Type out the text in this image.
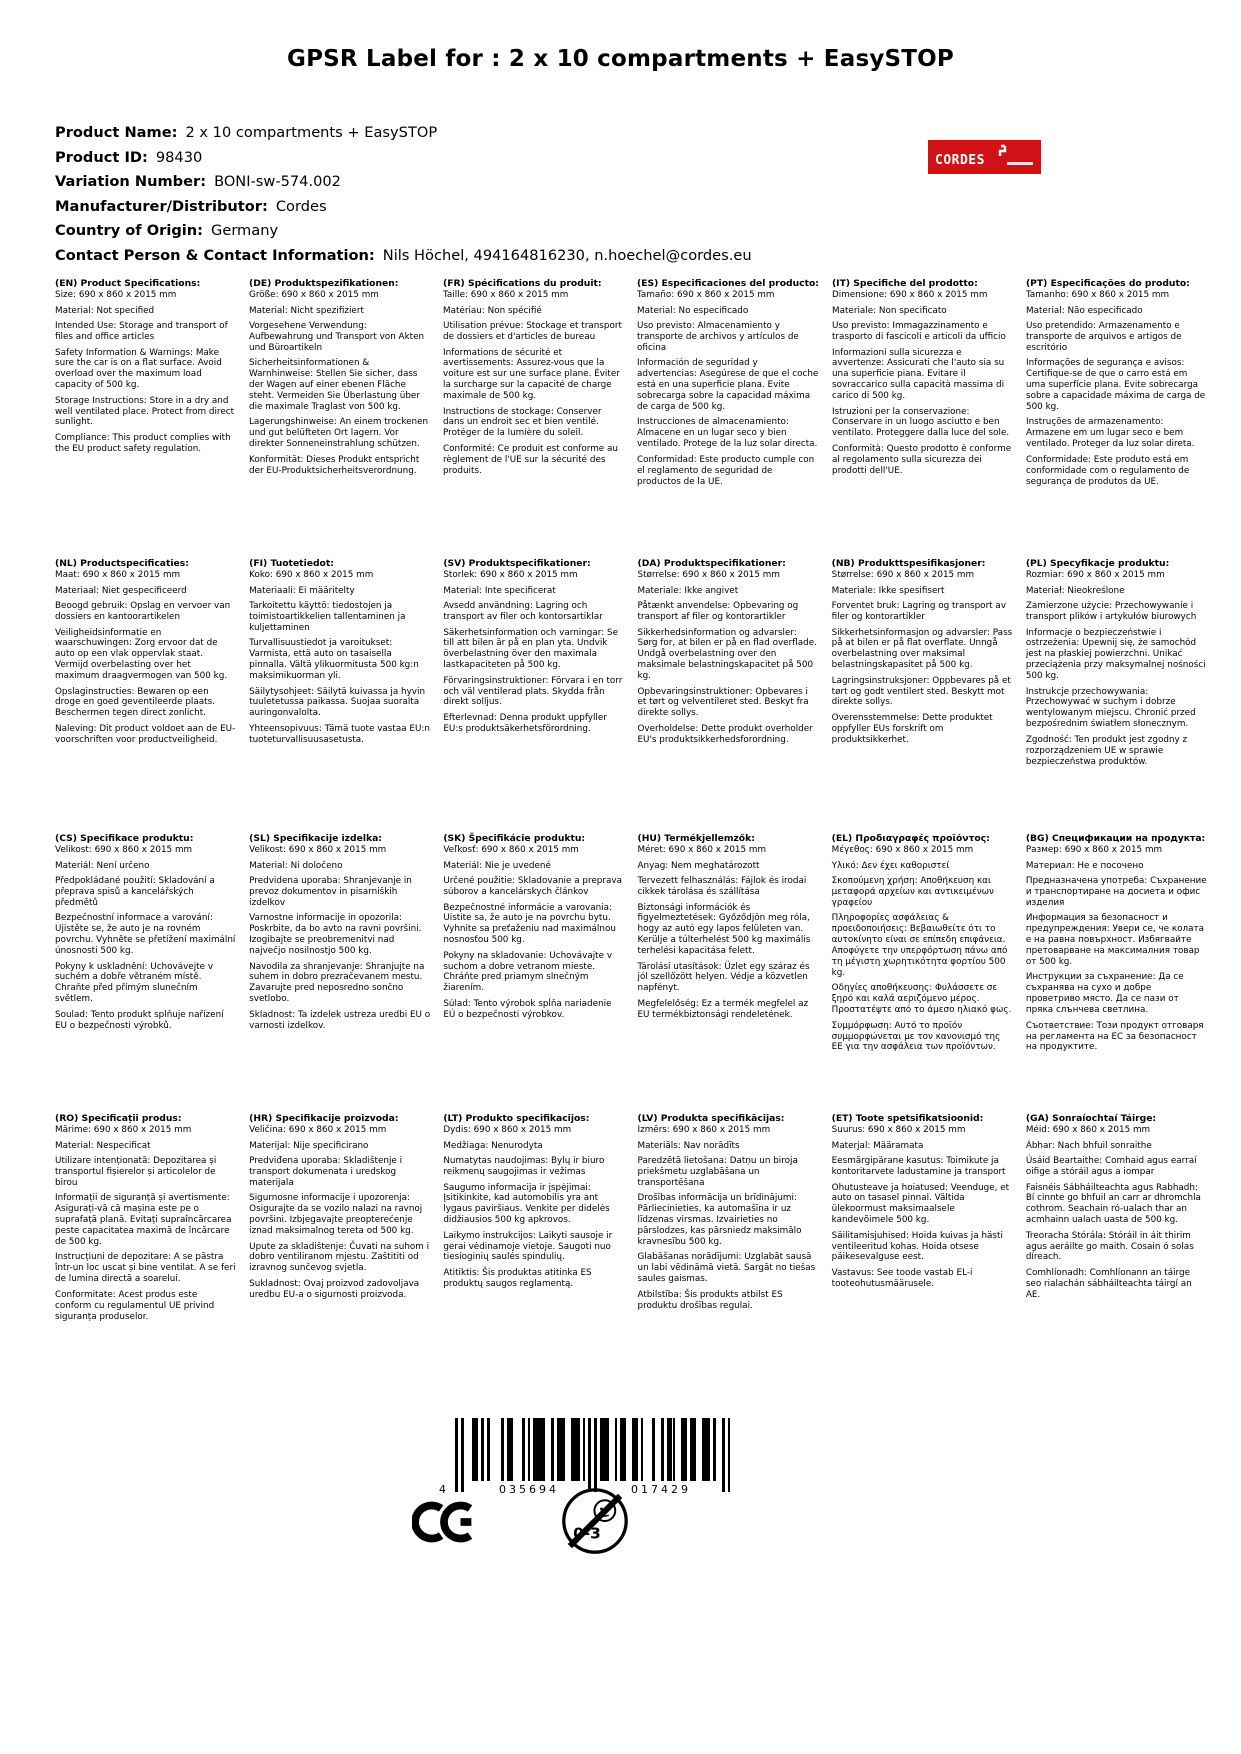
GPSR Label for : 2 x 10 compartments + EasySTOP
Product Name: 2 x 10 compartments + EasySTOP
Product ID: 98430
Variation Number: BONI-sw-574.002
Manufacturer/Distributor: Cordes
Country of Origin: Germany
Contact Person & Contact Information: Nils Höchel, 494164816230, n.hoechel@cordes.eu
CORDES
(EN) Product Specifications:

Size: 690 x 860 x 2015 mm

Material: Not specified

Intended Use: Storage and transport of files and office articles

Safety Information & Warnings: Make sure the car is on a flat surface. Avoid overload over the maximum load capacity of 500 kg.

Storage Instructions: Store in a dry and well ventilated place. Protect from direct sunlight.

Compliance: This product complies with the EU product safety regulation.

(DE) Produktspezifikationen:

Größe: 690 x 860 x 2015 mm

Material: Nicht spezifiziert

Vorgesehene Verwendung: Aufbewahrung und Transport von Akten und Büroartikeln

Sicherheitsinformationen & Warnhinweise: Stellen Sie sicher, dass der Wagen auf einer ebenen Fläche steht. Vermeiden Sie Überlastung über die maximale Traglast von 500 kg.

Lagerungshinweise: An einem trockenen und gut belüfteten Ort lagern. Vor direkter Sonneneinstrahlung schützen.

Konformität: Dieses Produkt entspricht der EU-Produktsicherheitsverordnung.

(FR) Spécifications du produit:

Taille: 690 x 860 x 2015 mm

Matériau: Non spécifié

Utilisation prévue: Stockage et transport de dossiers et d'articles de bureau

Informations de sécurité et avertissements: Assurez-vous que la voiture est sur une surface plane. Éviter la surcharge sur la capacité de charge maximale de 500 kg.

Instructions de stockage: Conserver dans un endroit sec et bien ventilé. Protéger de la lumière du soleil.

Conformité: Ce produit est conforme au règlement de l'UE sur la sécurité des produits.

(ES) Especificaciones del producto:

Tamaño: 690 x 860 x 2015 mm

Material: No especificado

Uso previsto: Almacenamiento y transporte de archivos y artículos de oficina

Información de seguridad y advertencias: Asegúrese de que el coche está en una superficie plana. Evite sobrecarga sobre la capacidad máxima de carga de 500 kg.

Instrucciones de almacenamiento: Almacene en un lugar seco y bien ventilado. Protege de la luz solar directa.

Conformidad: Este producto cumple con el reglamento de seguridad de productos de la UE.

(IT) Specifiche del prodotto:

Dimensione: 690 x 860 x 2015 mm

Materiale: Non specificato

Uso previsto: Immagazzinamento e trasporto di fascicoli e articoli da ufficio

Informazioni sulla sicurezza e avvertenze: Assicurati che l'auto sia su una superficie piana. Evitare il sovraccarico sulla capacità massima di carico di 500 kg.

Istruzioni per la conservazione: Conservare in un luogo asciutto e ben ventilato. Proteggere dalla luce del sole.

Conformità: Questo prodotto è conforme al regolamento sulla sicurezza dei prodotti dell'UE.

(PT) Especificações do produto:

Tamanho: 690 x 860 x 2015 mm

Material: Não especificado

Uso pretendido: Armazenamento e transporte de arquivos e artigos de escritório

Informações de segurança e avisos: Certifique-se de que o carro está em uma superfície plana. Evite sobrecarga sobre a capacidade máxima de carga de 500 kg.

Instruções de armazenamento: Armazene em um lugar seco e bem ventilado. Proteger da luz solar direta.

Conformidade: Este produto está em conformidade com o regulamento de segurança de produtos da UE.

(NL) Productspecificaties:

Maat: 690 x 860 x 2015 mm

Materiaal: Niet gespecificeerd

Beoogd gebruik: Opslag en vervoer van dossiers en kantoorartikelen

Veiligheidsinformatie en waarschuwingen: Zorg ervoor dat de auto op een vlak oppervlak staat. Vermijd overbelasting over het maximum draagvermogen van 500 kg.

Opslaginstructies: Bewaren op een droge en goed geventileerde plaats. Beschermen tegen direct zonlicht.

Naleving: Dit product voldoet aan de EU-voorschriften voor productveiligheid.

(FI) Tuotetiedot:

Koko: 690 x 860 x 2015 mm

Materiaali: Ei määritelty

Tarkoitettu käyttö: tiedostojen ja toimistoartikkelien tallentaminen ja kuljettaminen

Turvallisuustiedot ja varoitukset: Varmista, että auto on tasaisella pinnalla. Vältä ylikuormitusta 500 kg:n maksimikuorman yli.

Säilytysohjeet: Säilytä kuivassa ja hyvin tuuletetussa paikassa. Suojaa suoralta auringonvalolta.

Yhteensopivuus: Tämä tuote vastaa EU:n tuoteturvallisuusasetusta.

(SV) Produktspecifikationer:

Storlek: 690 x 860 x 2015 mm

Material: Inte specificerat

Avsedd användning: Lagring och transport av filer och kontorsartiklar

Säkerhetsinformation och varningar: Se till att bilen är på en plan yta. Undvik överbelastning över den maximala lastkapaciteten på 500 kg.

Förvaringsinstruktioner: Förvara i en torr och väl ventilerad plats. Skydda från direkt solljus.

Efterlevnad: Denna produkt uppfyller EU:s produktsäkerhetsförordning.

(DA) Produktspecifikationer:

Størrelse: 690 x 860 x 2015 mm

Materiale: Ikke angivet

Påtænkt anvendelse: Opbevaring og transport af filer og kontorartikler

Sikkerhedsinformation og advarsler: Sørg for, at bilen er på en flad overflade. Undgå overbelastning over den maksimale belastningskapacitet på 500 kg.

Opbevaringsinstruktioner: Opbevares i et tørt og velventileret sted. Beskyt fra direkte sollys.

Overholdelse: Dette produkt overholder EU's produktsikkerhedsforordning.

(NB) Produkttspesifikasjoner:

Størrelse: 690 x 860 x 2015 mm

Materiale: Ikke spesifisert

Forventet bruk: Lagring og transport av filer og kontorartikler

Sikkerhetsinformasjon og advarsler: Pass på at bilen er på flat overflate. Unngå overbelastning over maksimal belastningskapasitet på 500 kg.

Lagringsinstruksjoner: Oppbevares på et tørt og godt ventilert sted. Beskytt mot direkte sollys.

Overensstemmelse: Dette produktet oppfyller EUs forskrift om produktsikkerhet.

(PL) Specyfikacje produktu:

Rozmiar: 690 x 860 x 2015 mm

Materiał: Nieokreślone

Zamierzone użycie: Przechowywanie i transport plików i artykułów biurowych

Informacje o bezpieczeństwie i ostrzeżenia: Upewnij się, że samochód jest na płaskiej powierzchni. Unikać przeciążenia przy maksymalnej nośności 500 kg.

Instrukcje przechowywania: Przechowywać w suchym i dobrze wentylowanym miejscu. Chronić przed bezpośrednim światłem słonecznym.

Zgodność: Ten produkt jest zgodny z rozporządzeniem UE w sprawie bezpieczeństwa produktów.

(CS) Specifikace produktu:

Velikost: 690 x 860 x 2015 mm

Materiál: Není určeno

Předpokládané použití: Skladování a přeprava spisů a kancelářských předmětů

Bezpečnostní informace a varování: Ujistěte se, že auto je na rovném povrchu. Vyhněte se přetížení maximální únosnosti 500 kg.

Pokyny k uskladnění: Uchovávejte v suchém a dobře větraném místě. Chraňte před přímým slunečním světlem.

Soulad: Tento produkt splňuje nařízení EU o bezpečnosti výrobků.

(SL) Specifikacije izdelka:

Velikost: 690 x 860 x 2015 mm

Material: Ni določeno

Predvidena uporaba: Shranjevanje in prevoz dokumentov in pisarniških izdelkov

Varnostne informacije in opozorila: Poskrbite, da bo avto na ravni površini. Izogibajte se preobremenitvi nad največjo nosilnostjo 500 kg.

Navodila za shranjevanje: Shranjujte na suhem in dobro prezračevanem mestu. Zavarujte pred neposredno sončno svetlobo.

Skladnost: Ta izdelek ustreza uredbi EU o varnosti izdelkov.

(SK) Špecifikácie produktu:

Veľkosť: 690 x 860 x 2015 mm

Materiál: Nie je uvedené

Určené použitie: Skladovanie a preprava súborov a kancelárskych článkov

Bezpečnostné informácie a varovania: Uistite sa, že auto je na povrchu bytu. Vyhnite sa preťaženiu nad maximálnou nosnosťou 500 kg.

Pokyny na skladovanie: Uchovávajte v suchom a dobre vetranom mieste. Chráňte pred priamym slnečným žiarením.

Súlad: Tento výrobok spĺňa nariadenie EÚ o bezpečnosti výrobkov.

(HU) Termékjellemzők:

Méret: 690 x 860 x 2015 mm

Anyag: Nem meghatározott

Tervezett felhasználás: Fájlok és irodai cikkek tárolása és szállítása

Biztonsági információk és figyelmeztetések: Győződjön meg róla, hogy az autó egy lapos felületen van. Kerülje a túlterhelést 500 kg maximális terhelési kapacitása felett.

Tárolási utasítások: Üzlet egy száraz és jól szellőzött helyen. Védje a közvetlen napfényt.

Megfelelőség: Ez a termék megfelel az EU termékbiztonsági rendeletének.

(EL) Προδιαγραφές προϊόντος:

Μέγεθος: 690 x 860 x 2015 mm

Υλικό: Δεν έχει καθοριστεί

Σκοπούμενη χρήση: Αποθήκευση και μεταφορά αρχείων και αντικειμένων γραφείου

Πληροφορίες ασφάλειας & προειδοποιήσεις: Βεβαιωθείτε ότι το αυτοκίνητο είναι σε επίπεδη επιφάνεια. Αποφύγετε την υπερφόρτωση πάνω από τη μέγιστη χωρητικότητα φορτίου 500 kg.

Οδηγίες αποθήκευσης: Φυλάσσετε σε ξηρό και καλά αεριζόμενο μέρος. Προστατέψτε από το άμεσο ηλιακό φως.

Συμμόρφωση: Αυτό το προϊόν συμμορφώνεται με τον κανονισμό της ΕΕ για την ασφάλεια των προϊόντων.

(BG) Спецификации на продукта:

Размер: 690 x 860 x 2015 mm

Материал: Не е посочено

Предназначена употреба: Съхранение и транспортиране на досиета и офис изделия

Информация за безопасност и предупреждения: Увери се, че колата е на равна повърхност. Избягвайте претоварване на максималния товар от 500 kg.

Инструкции за съхранение: Да се съхранява на сухо и добре проветриво място. Да се пази от пряка слънчева светлина.

Съответствие: Този продукт отговаря на регламента на ЕС за безопасност на продуктите.

(RO) Specificații produs:

Mărime: 690 x 860 x 2015 mm

Material: Nespecificat

Utilizare intenționată: Depozitarea și transportul fișierelor și articolelor de birou

Informații de siguranță și avertismente: Asigurați-vă că mașina este pe o suprafață plană. Evitați supraîncărcarea peste capacitatea maximă de încărcare de 500 kg.

Instrucțiuni de depozitare: A se păstra într-un loc uscat și bine ventilat. A se feri de lumina directă a soarelui.

Conformitate: Acest produs este conform cu regulamentul UE privind siguranța produselor.

(HR) Specifikacije proizvoda:

Veličina: 690 x 860 x 2015 mm

Materijal: Nije specificirano

Predviđena uporaba: Skladištenje i transport dokumenata i uredskog materijala

Sigurnosne informacije i upozorenja: Osigurajte da se vozilo nalazi na ravnoj površini. Izbjegavajte preopterećenje iznad maksimalnog tereta od 500 kg.

Upute za skladištenje: Čuvati na suhom i dobro ventiliranom mjestu. Zaštititi od izravnog sunčevog svjetla.

Sukladnost: Ovaj proizvod zadovoljava uredbu EU-a o sigurnosti proizvoda.

(LT) Produkto specifikacijos:

Dydis: 690 x 860 x 2015 mm

Medžiaga: Nenurodyta

Numatytas naudojimas: Bylų ir biuro reikmenų saugojimas ir vežimas

Saugumo informacija ir įspėjimai: Įsitikinkite, kad automobilis yra ant lygaus paviršiaus. Venkite per didelės didžiausios 500 kg apkrovos.

Laikymo instrukcijos: Laikyti sausoje ir gerai vėdinamoje vietoje. Saugoti nuo tiesioginių saulės spindulių.

Atitiktis: Šis produktas atitinka ES produktų saugos reglamentą.

(LV) Produkta specifikācijas:

Izmērs: 690 x 860 x 2015 mm

Materiāls: Nav norādīts

Paredzētā lietošana: Datņu un biroja priekšmetu uzglabāšana un transportēšana

Drošības informācija un brīdinājumi: Pārliecinieties, ka automašīna ir uz līdzenas virsmas. Izvairieties no pārslodzes, kas pārsniedz maksimālo kravnesību 500 kg.

Glabāšanas norādījumi: Uzglabāt sausā un labi vēdināmā vietā. Sargāt no tiešas saules gaismas.

Atbilstība: Šis produkts atbilst ES produktu drošības regulai.

(ET) Toote spetsifikatsioonid:

Suurus: 690 x 860 x 2015 mm

Materjal: Määramata

Eesmärgipärane kasutus: Toimikute ja kontoritarvete ladustamine ja transport

Ohutusteave ja hoiatused: Veenduge, et auto on tasasel pinnal. Vältida ülekoormust maksimaalsele kandevõimele 500 kg.

Säilitamisjuhised: Hoida kuivas ja hästi ventileeritud kohas. Hoida otsese päikesevalguse eest.

Vastavus: See toode vastab EL-i tooteohutusmäärusele.

(GA) Sonraíochtaí Táirge:

Méid: 690 x 860 x 2015 mm

Ábhar: Nach bhfuil sonraithe

Úsáid Beartaithe: Comhaid agus earraí oifige a stóráil agus a iompar

Faisnéis Sábháilteachta agus Rabhadh: Bí cinnte go bhfuil an carr ar dhromchla cothrom. Seachain ró-ualach thar an acmhainn ualach uasta de 500 kg.

Treoracha Stórála: Stóráil in áit thirim agus aeráilte go maith. Cosain ó solas díreach.

Comhlíonadh: Comhlíonann an táirge seo rialachán sábháilteachta táirgí an AE.

4	035694	017429
0-3
